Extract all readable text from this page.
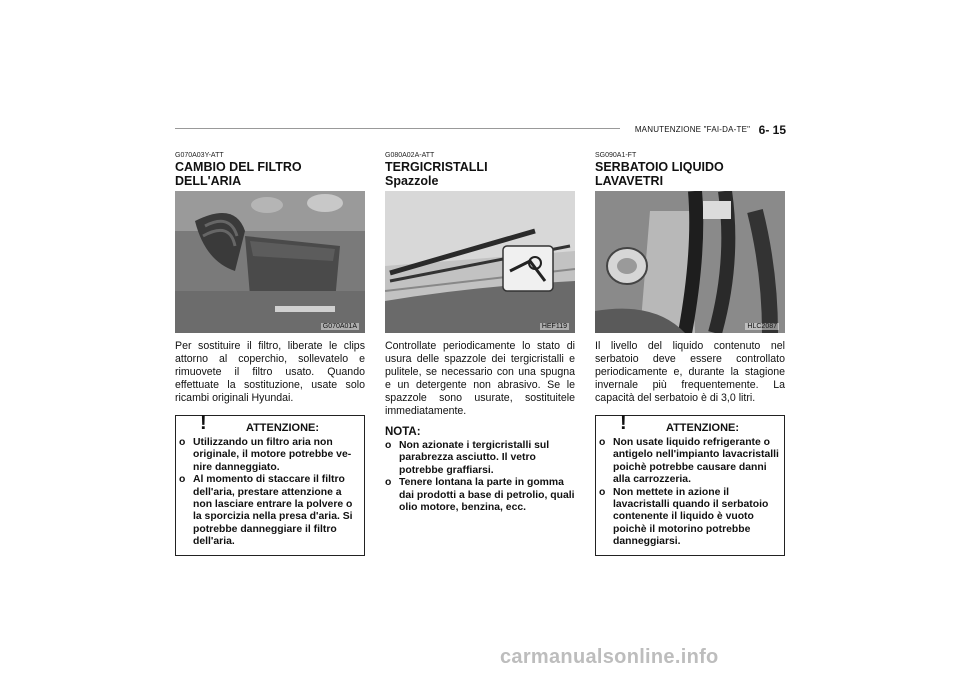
MANUTENZIONE "FAI-DA-TE" 6- 15
G070A03Y-ATT
CAMBIO DEL FILTRO DELL'ARIA
G070A01A
Per sostituire il filtro, liberate le clips attorno al coperchio, sollevatelo e rimuovete il filtro usato. Quando effettuate la sostituzione, usate solo ricambi originali Hyundai.
!	ATTENZIONE:
o Utilizzando un filtro aria non originale, il motore potrebbe ve-nire danneggiato.
o Al momento di staccare il filtro dell'aria, prestare attenzione a non lasciare entrare la polvere o la sporcizia nella presa d'aria. Si potrebbe danneggiare il filtro dell'aria.
G080A02A-ATT
TERGICRISTALLI
Spazzole
HEF119
Controllate periodicamente lo stato di usura delle spazzole dei tergicristalli e pulitele, se necessario con una spugna e un detergente non abrasivo. Se le spazzole sono usurate, sostituitele immediatamente.
NOTA:
o Non azionate i tergicristalli sul parabrezza asciutto. Il vetro potrebbe graffiarsi.
o Tenere lontana la parte in gomma dai prodotti a base di petrolio, quali olio motore, benzina, ecc.
SG090A1-FT
SERBATOIO LIQUIDO LAVAVETRI
HLC2087
Il livello del liquido contenuto nel serbatoio deve essere controllato periodicamente e, durante la stagione invernale più frequentemente. La capacità del serbatoio è di 3,0 litri.
!	ATTENZIONE:
o Non usate liquido refrigerante o antigelo nell'impianto lavacristalli poichè potrebbe causare danni alla carrozzeria.
o Non mettete in azione il lavacristalli quando il serbatoio contenente il liquido è vuoto poichè il motorino potrebbe danneggiarsi.
carmanualsonline.info
